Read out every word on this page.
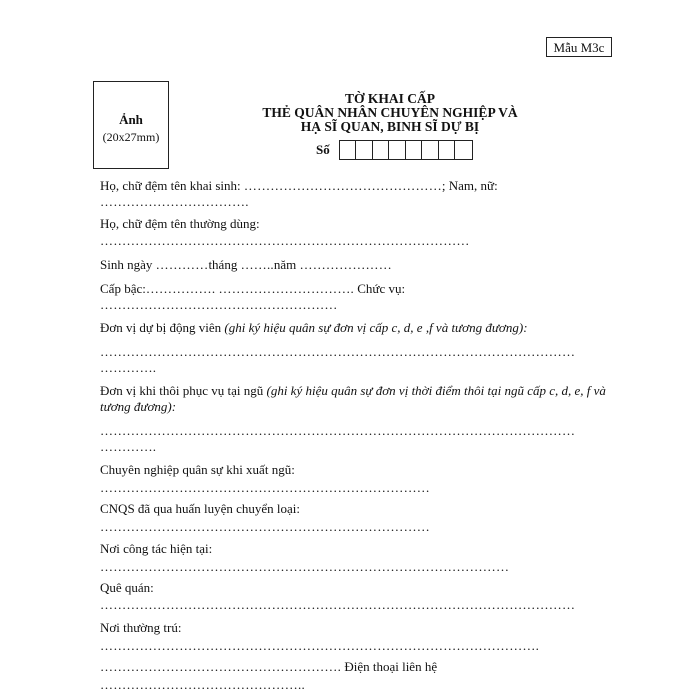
Mẫu M3c
Ảnh
(20x27mm)
TỜ KHAI CẤP
THẺ QUÂN NHÂN CHUYÊN NGHIỆP VÀ
HẠ SĨ QUAN, BINH SĨ DỰ BỊ
Số
Họ, chữ đệm tên khai sinh: ………………………………………; Nam, nữ:
…………………………….
Họ, chữ đệm tên thường dùng:
…………………………………………………………………………
Sinh ngày …………tháng ……..năm …………………
Cấp bậc:……………. …………………………. Chức vụ:
………………………………………………
Đơn vị dự bị động viên (ghi ký hiệu quân sự đơn vị cấp c, d, e ,f và tương đương):
………………………………………………………………………………………………
………….
Đơn vị khi thôi phục vụ tại ngũ (ghi ký hiệu quân sự đơn vị thời điểm thôi tại ngũ cấp c, d, e, f và tương đương):
………………………………………………………………………………………………
………….
Chuyên nghiệp quân sự khi xuất ngũ:
…………………………………………………………………
CNQS đã qua huấn luyện chuyển loại:
…………………………………………………………………
Nơi công tác hiện tại:
…………………………………………………………………………………
Quê quán:
………………………………………………………………………………………………
Nơi thường trú:
……………………………………………………………………………………….
………………………………………………. Điện thoại liên hệ
………………………………………..
